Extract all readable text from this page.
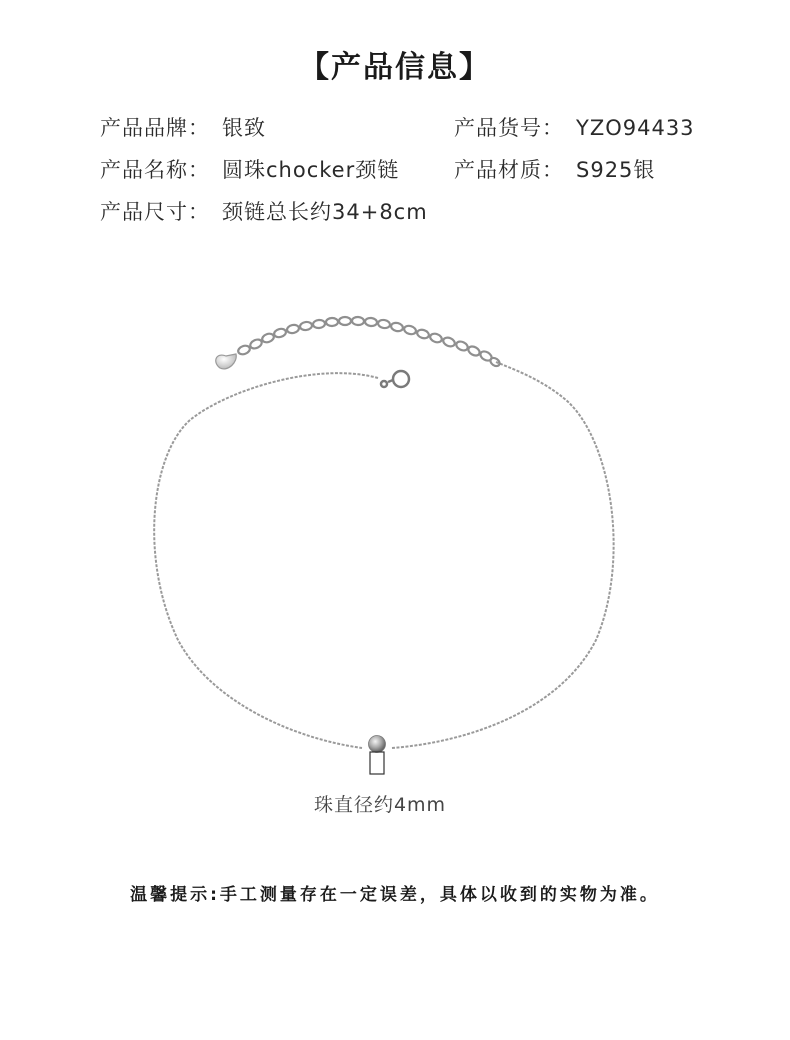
【产品信息】
产品品牌： 银致	产品货号： YZO94433
产品名称： 圆珠chocker颈链	产品材质： S925银
产品尺寸： 颈链总长约34+8cm
珠直径约4mm
温馨提示:手工测量存在一定误差，具体以收到的实物为准。
